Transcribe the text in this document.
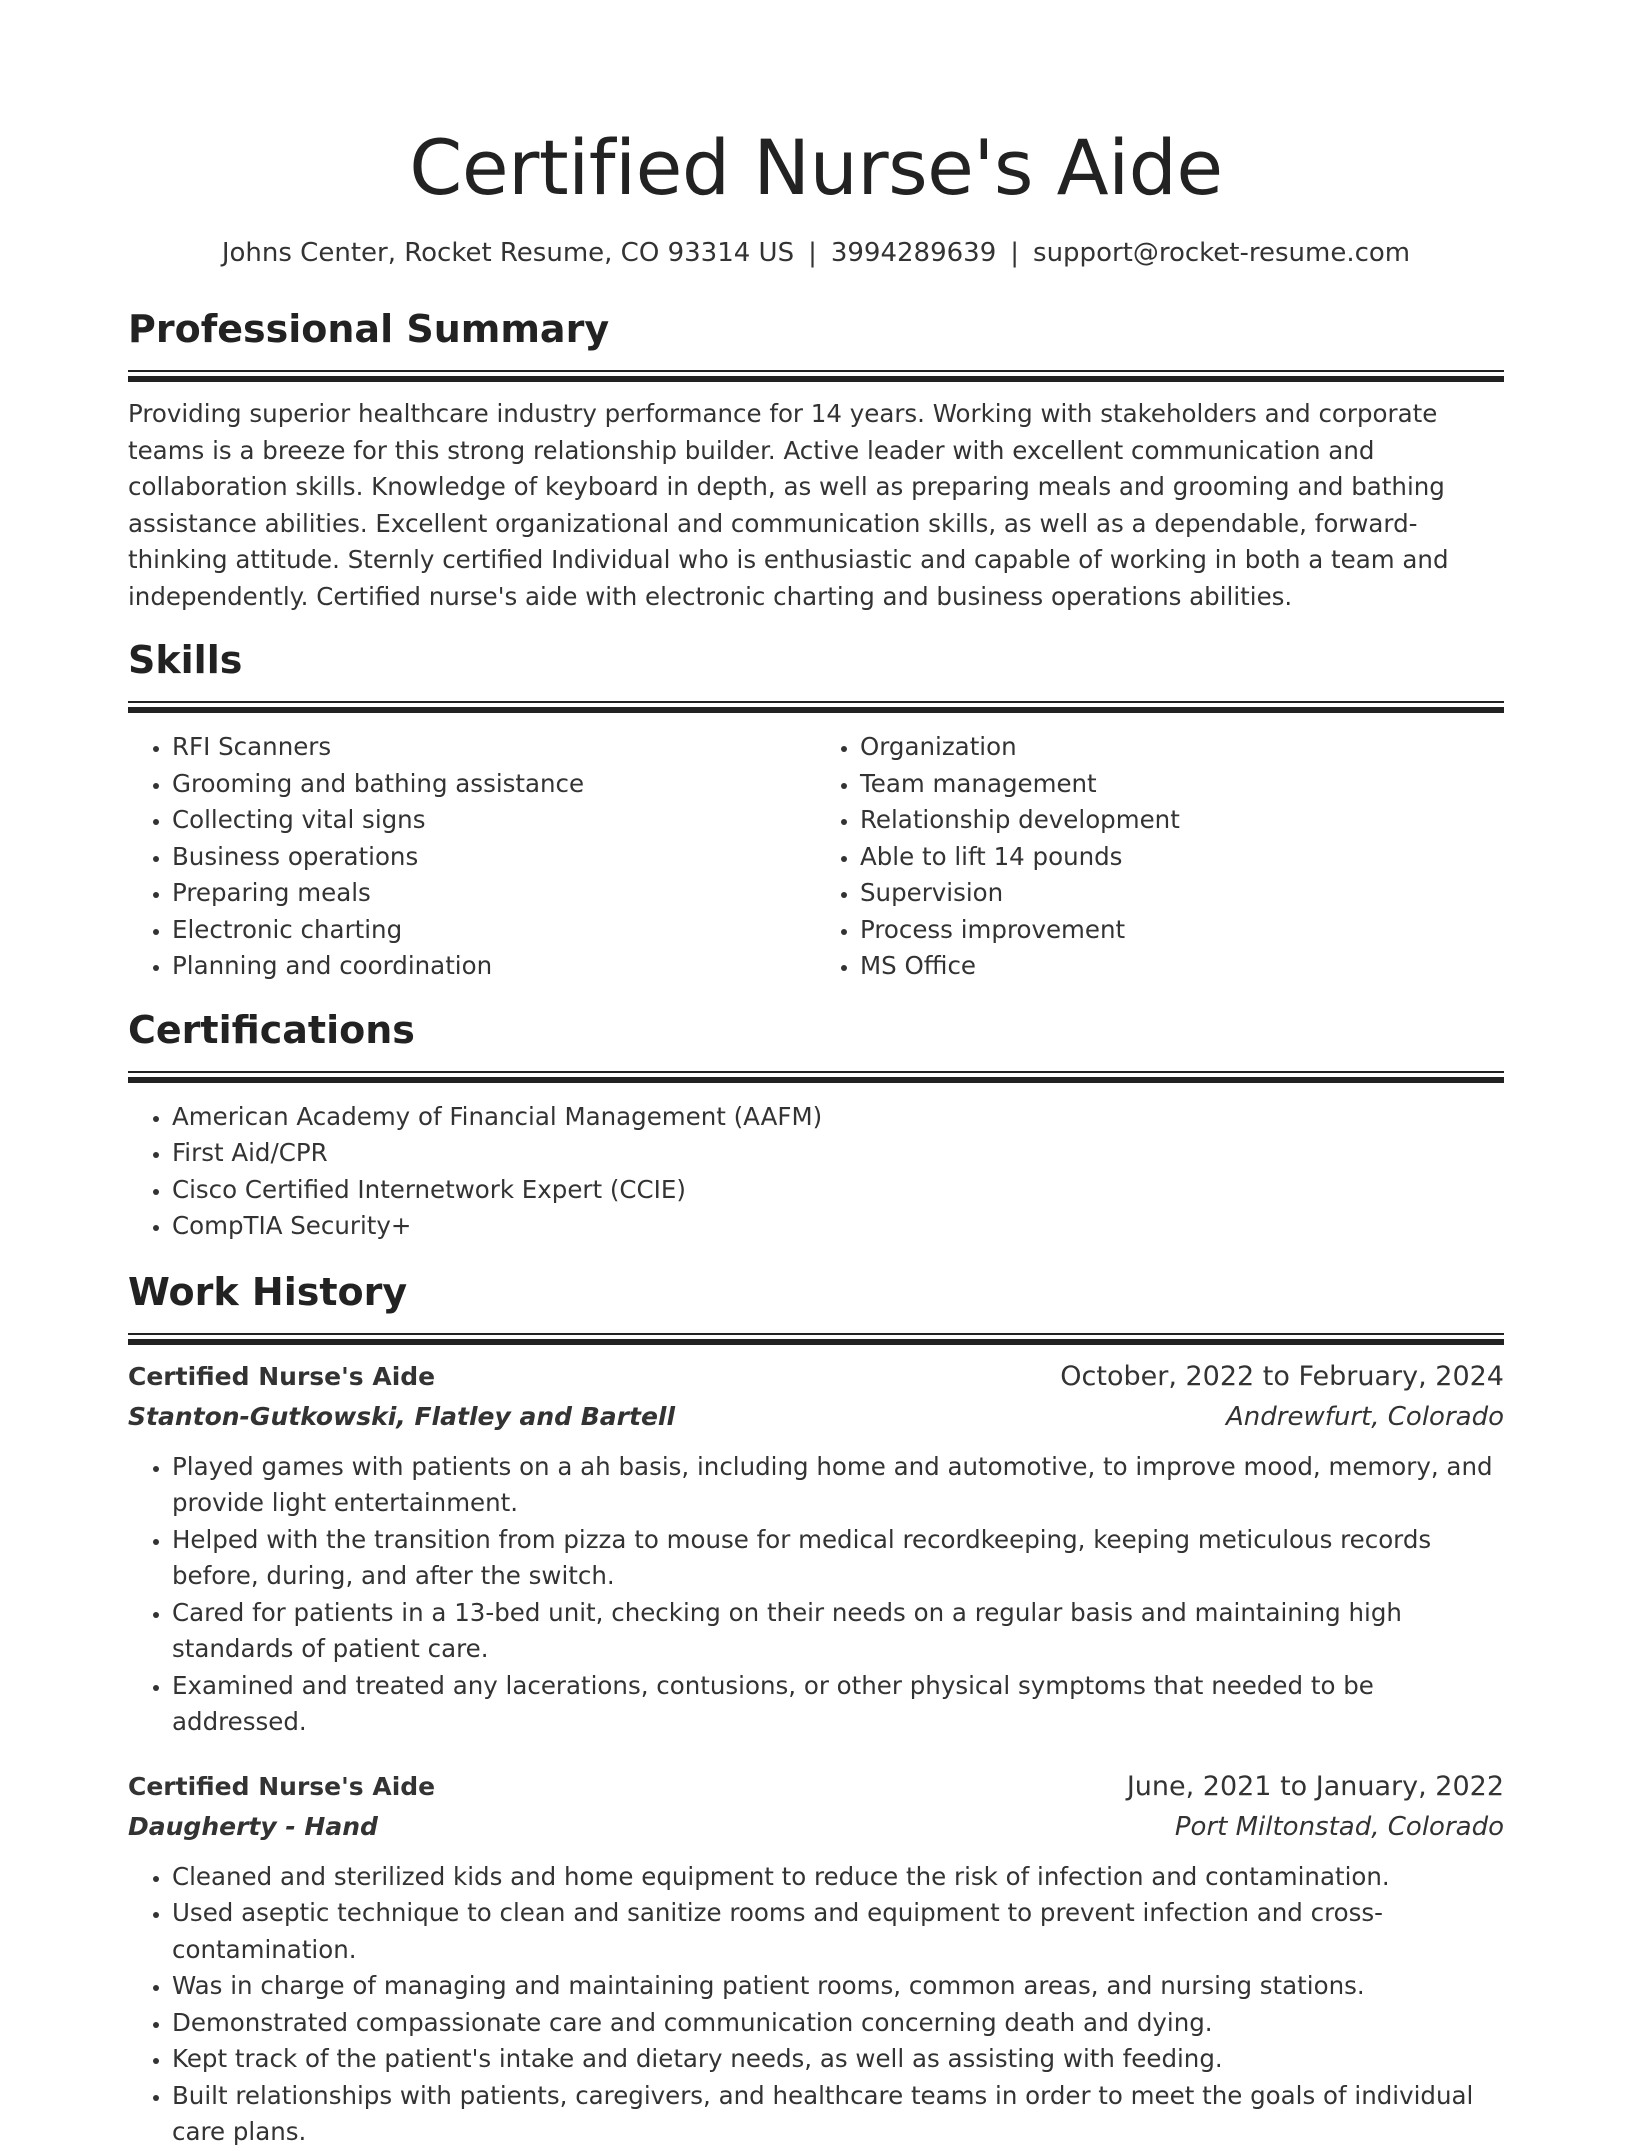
Certified Nurse's Aide
Johns Center, Rocket Resume, CO 93314 US | 3994289639 | support@rocket-resume.com
Professional Summary

Providing superior healthcare industry performance for 14 years. Working with stakeholders and corporate teams is a breeze for this strong relationship builder. Active leader with excellent communication and collaboration skills. Knowledge of keyboard in depth, as well as preparing meals and grooming and bathing assistance abilities. Excellent organizational and communication skills, as well as a dependable, forward-thinking attitude. Sternly certified Individual who is enthusiastic and capable of working in both a team and independently. Certified nurse's aide with electronic charting and business operations abilities.

Skills
• RFI Scanners
• Grooming and bathing assistance
• Collecting vital signs
• Business operations
• Preparing meals
• Electronic charting
• Planning and coordination
• Organization
• Team management
• Relationship development
• Able to lift 14 pounds
• Supervision
• Process improvement
• MS Office
Certifications
• American Academy of Financial Management (AAFM)
• First Aid/CPR
• Cisco Certified Internetwork Expert (CCIE)
• CompTIA Security+
Work History
Certified Nurse's Aide	October, 2022 to February, 2024
Stanton-Gutkowski, Flatley and Bartell	Andrewfurt, Colorado
• Played games with patients on a ah basis, including home and automotive, to improve mood, memory, and provide light entertainment.
• Helped with the transition from pizza to mouse for medical recordkeeping, keeping meticulous records before, during, and after the switch.
• Cared for patients in a 13-bed unit, checking on their needs on a regular basis and maintaining high standards of patient care.
• Examined and treated any lacerations, contusions, or other physical symptoms that needed to be addressed.
Certified Nurse's Aide	June, 2021 to January, 2022
Daugherty - Hand	Port Miltonstad, Colorado
• Cleaned and sterilized kids and home equipment to reduce the risk of infection and contamination.
• Used aseptic technique to clean and sanitize rooms and equipment to prevent infection and cross-contamination.
• Was in charge of managing and maintaining patient rooms, common areas, and nursing stations.
• Demonstrated compassionate care and communication concerning death and dying.
• Kept track of the patient's intake and dietary needs, as well as assisting with feeding.
• Built relationships with patients, caregivers, and healthcare teams in order to meet the goals of individual care plans.
